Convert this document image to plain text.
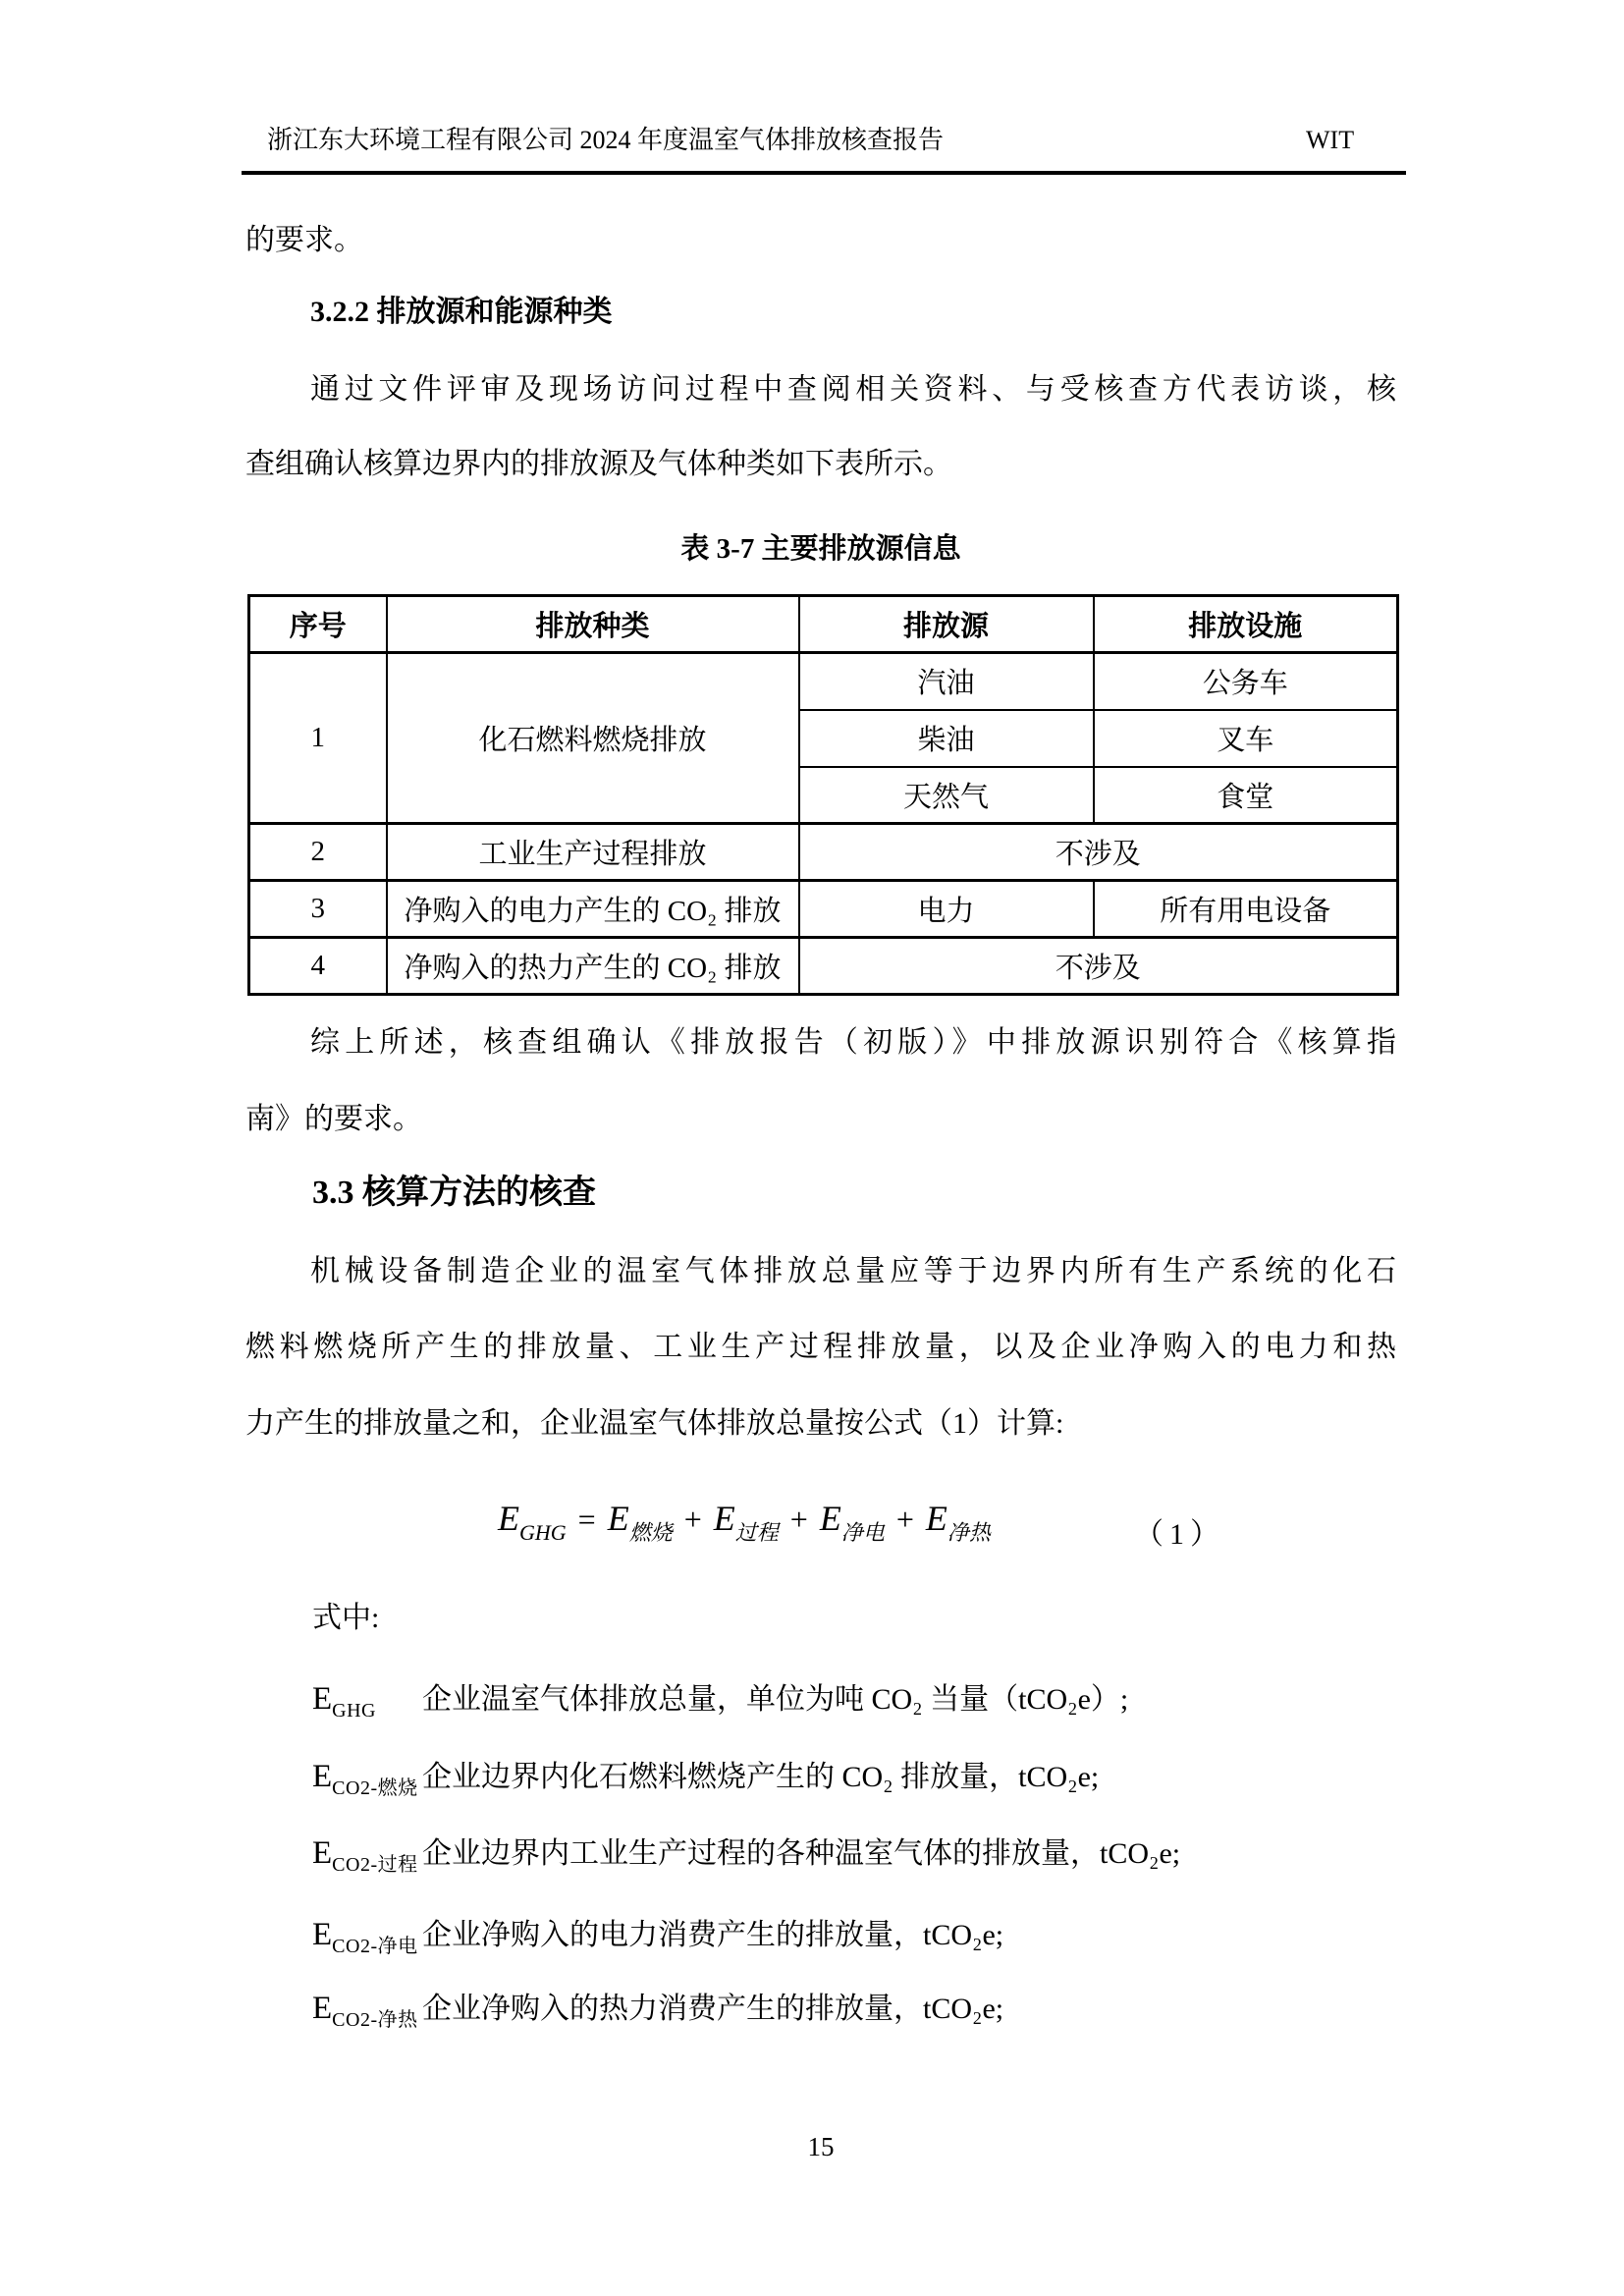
浙江东大环境工程有限公司 2024 年度温室气体排放核查报告	WIT
的要求。
3.2.2 排放源和能源种类
通过文件评审及现场访问过程中查阅相关资料、与受核查方代表访谈，核
查组确认核算边界内的排放源及气体种类如下表所示。
表 3-7 主要排放源信息
序号	排放种类	排放源	排放设施
1	化石燃料燃烧排放	汽油	公务车
		柴油	叉车
		天然气	食堂
2	工业生产过程排放	不涉及	
3	净购入的电力产生的 CO₂ 排放	电力	所有用电设备
4	净购入的热力产生的 CO₂ 排放	不涉及	
综上所述，核查组确认《排放报告（初版）》中排放源识别符合《核算指
南》的要求。
3.3 核算方法的核查
机械设备制造企业的温室气体排放总量应等于边界内所有生产系统的化石
燃料燃烧所产生的排放量、工业生产过程排放量，以及企业净购入的电力和热
力产生的排放量之和，企业温室气体排放总量按公式（1）计算:
$E_{GHG} = E_{燃烧} + E_{过程} + E_{净电} + E_{净热}$	（1）
式中:
$E_{GHG}$	企业温室气体排放总量，单位为吨 CO₂ 当量（tCO₂e）;
$E_{CO2-燃烧}$ 企业边界内化石燃料燃烧产生的 CO₂ 排放量，tCO₂e;
$E_{CO2-过程}$ 企业边界内工业生产过程的各种温室气体的排放量，tCO₂e;
$E_{CO2-净电}$ 企业净购入的电力消费产生的排放量，tCO₂e;
$E_{CO2-净热}$ 企业净购入的热力消费产生的排放量，tCO₂e;
15
